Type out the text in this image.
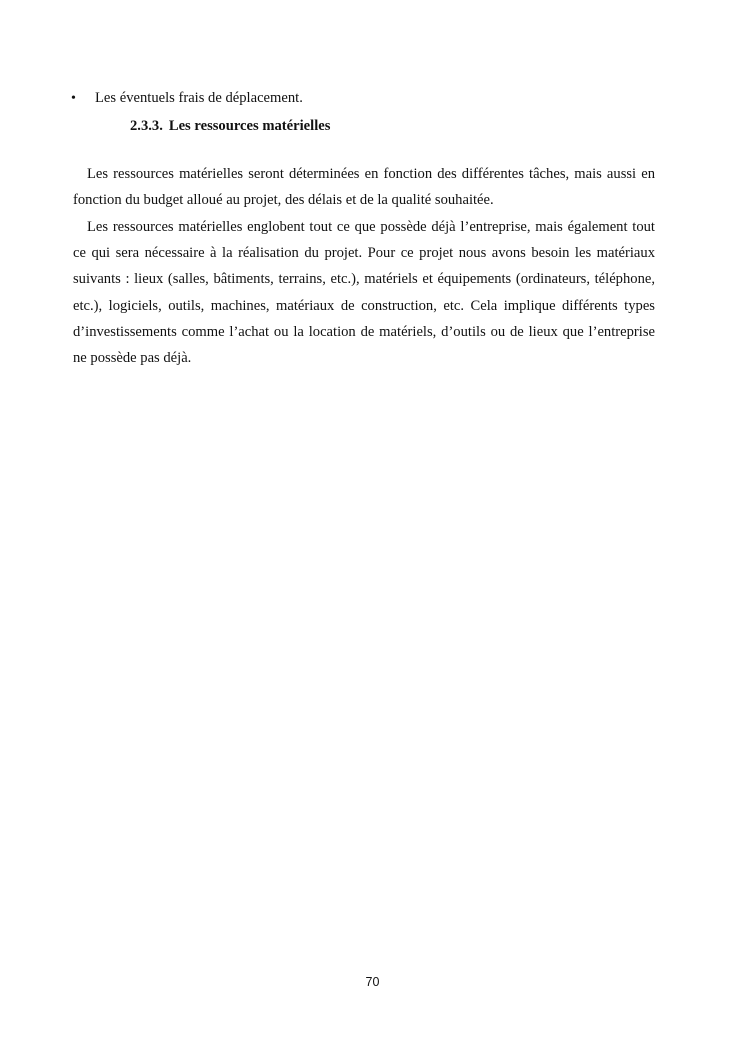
• Les éventuels frais de déplacement.
2.3.3. Les ressources matérielles

Les ressources matérielles seront déterminées en fonction des différentes tâches, mais aussi en fonction du budget alloué au projet, des délais et de la qualité souhaitée.

Les ressources matérielles englobent tout ce que possède déjà l’entreprise, mais également tout ce qui sera nécessaire à la réalisation du projet. Pour ce projet nous avons besoin les matériaux suivants : lieux (salles, bâtiments, terrains, etc.), matériels et équipements (ordinateurs, téléphone, etc.), logiciels, outils, machines, matériaux de construction, etc. Cela implique différents types d’investissements comme l’achat ou la location de matériels, d’outils ou de lieux que l’entreprise ne possède pas déjà.

70
